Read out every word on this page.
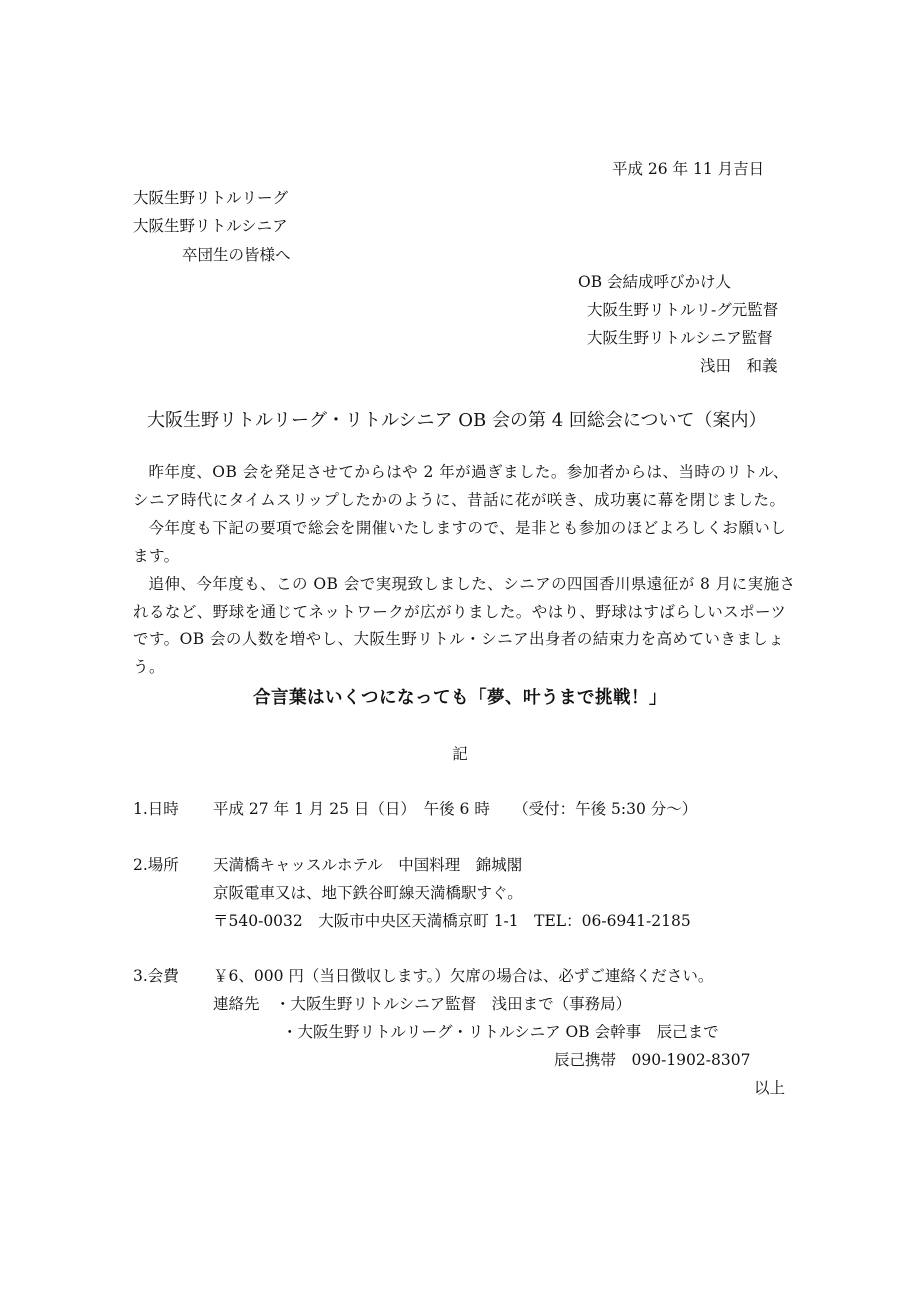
平成 26 年 11 月吉日
大阪生野リトルリーグ
大阪生野リトルシニア
卒団生の皆様へ
OB 会結成呼びかけ人
大阪生野リトルリ-グ元監督
大阪生野リトルシニア監督
浅田　和義
大阪生野リトルリーグ・リトルシニア OB 会の第 4 回総会について（案内）
昨年度、OB 会を発足させてからはや 2 年が過ぎました。参加者からは、当時のリトル、シニア時代にタイムスリップしたかのように、昔話に花が咲き、成功裏に幕を閉じました。
今年度も下記の要項で総会を開催いたしますので、是非とも参加のほどよろしくお願いします。
追伸、今年度も、この OB 会で実現致しました、シニアの四国香川県遠征が 8 月に実施されるなど、野球を通じてネットワークが広がりました。やはり、野球はすばらしいスポーツです。OB 会の人数を増やし、大阪生野リトル・シニア出身者の結束力を高めていきましょう。
合言葉はいくつになっても「夢、叶うまで挑戦！」
記
1.日時 平成 27 年 1 月 25 日（日）　午後 6 時　　（受付：午後 5:30 分～）
2.場所 天満橋キャッスルホテル　中国料理　錦城閣
京阪電車又は、地下鉄谷町線天満橋駅すぐ。
〒540-0032　大阪市中央区天満橋京町 1-1　TEL：06-6941-2185
3.会費 ￥6、000 円（当日徴収します。）欠席の場合は、必ずご連絡ください。
連絡先　・大阪生野リトルシニア監督　浅田まで（事務局）
・大阪生野リトルリーグ・リトルシニア OB 会幹事　辰己まで
辰己携帯　090-1902-8307
以上
